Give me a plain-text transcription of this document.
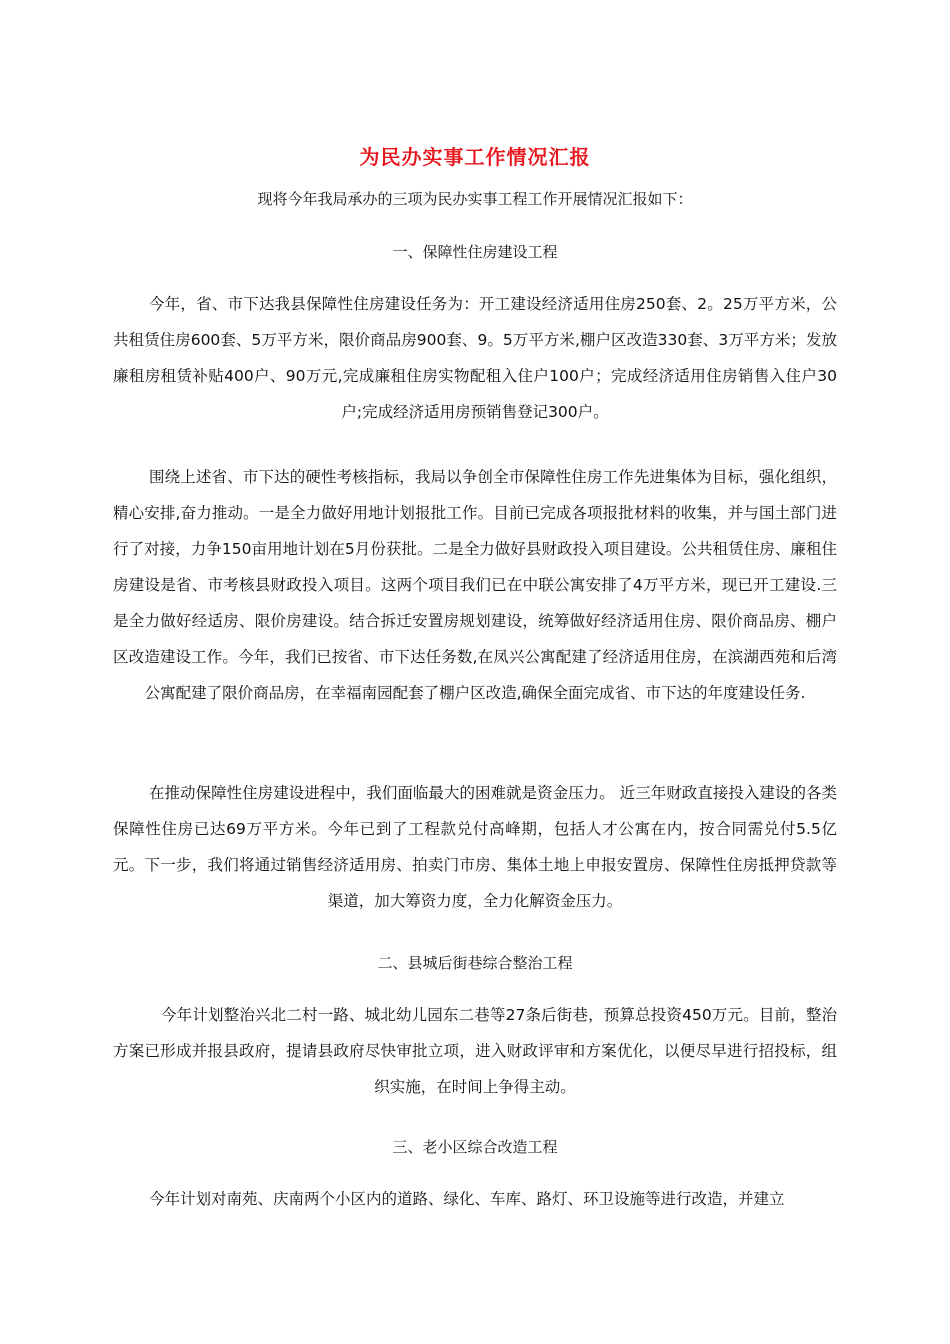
为民办实事工作情况汇报
现将今年我局承办的三项为民办实事工程工作开展情况汇报如下：
一、保障性住房建设工程
今年，省、市下达我县保障性住房建设任务为：开工建设经济适用住房250套、2。25万平方米，公共租赁住房600套、5万平方米，限价商品房900套、9。5万平方米,棚户区改造330套、3万平方米；发放廉租房租赁补贴400户、90万元,完成廉租住房实物配租入住户100户；完成经济适用住房销售入住户30户;完成经济适用房预销售登记300户。
围绕上述省、市下达的硬性考核指标，我局以争创全市保障性住房工作先进集体为目标，强化组织，精心安排,奋力推动。一是全力做好用地计划报批工作。目前已完成各项报批材料的收集，并与国土部门进行了对接，力争150亩用地计划在5月份获批。二是全力做好县财政投入项目建设。公共租赁住房、廉租住房建设是省、市考核县财政投入项目。这两个项目我们已在中联公寓安排了4万平方米，现已开工建设.三是全力做好经适房、限价房建设。结合拆迁安置房规划建设，统筹做好经济适用住房、限价商品房、棚户区改造建设工作。今年，我们已按省、市下达任务数,在凤兴公寓配建了经济适用住房，在滨湖西苑和后湾公寓配建了限价商品房，在幸福南园配套了棚户区改造,确保全面完成省、市下达的年度建设任务.
在推动保障性住房建设进程中，我们面临最大的困难就是资金压力。 近三年财政直接投入建设的各类保障性住房已达69万平方米。今年已到了工程款兑付高峰期，包括人才公寓在内，按合同需兑付5.5亿元。下一步，我们将通过销售经济适用房、拍卖门市房、集体土地上申报安置房、保障性住房抵押贷款等渠道，加大筹资力度，全力化解资金压力。
二、县城后街巷综合整治工程
今年计划整治兴北二村一路、城北幼儿园东二巷等27条后街巷，预算总投资450万元。目前，整治方案已形成并报县政府，提请县政府尽快审批立项，进入财政评审和方案优化，以便尽早进行招投标，组织实施，在时间上争得主动。
三、老小区综合改造工程
今年计划对南苑、庆南两个小区内的道路、绿化、车库、路灯、环卫设施等进行改造，并建立
